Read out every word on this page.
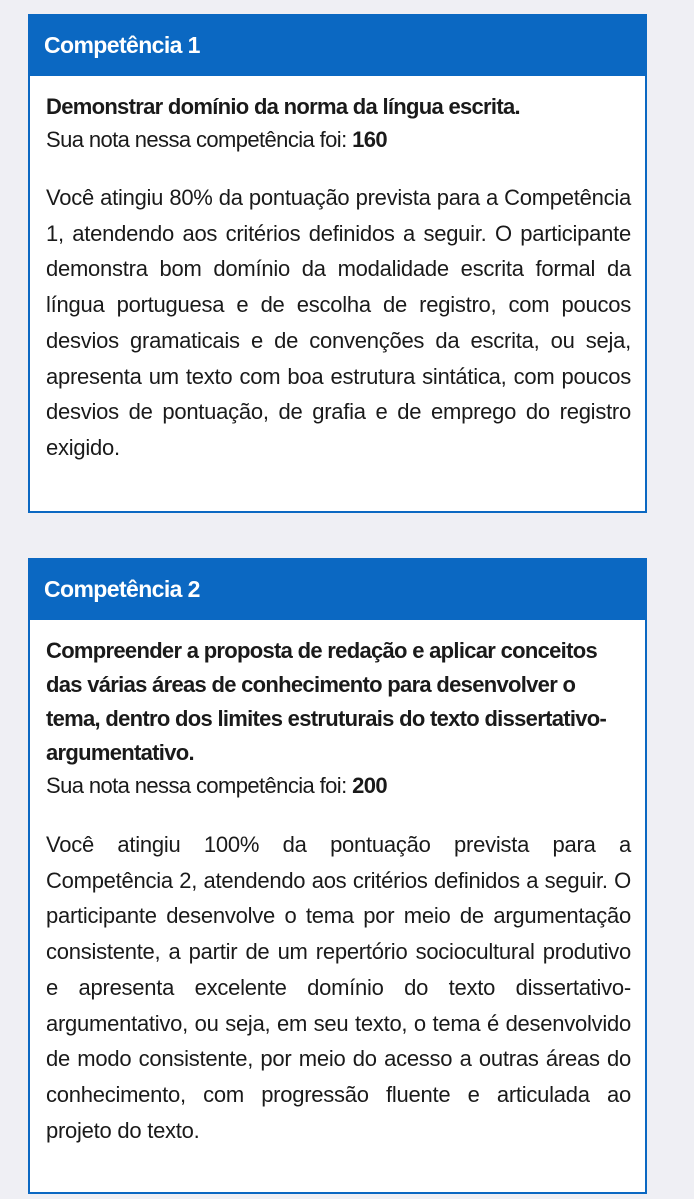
Competência 1

Demonstrar domínio da norma da língua escrita.

Sua nota nessa competência foi: 160

Você atingiu 80% da pontuação prevista para a Competência 1, atendendo aos critérios definidos a seguir. O participante demonstra bom domínio da modalidade escrita formal da língua portuguesa e de escolha de registro, com poucos desvios gramaticais e de convenções da escrita, ou seja, apresenta um texto com boa estrutura sintática, com poucos desvios de pontuação, de grafia e de emprego do registro exigido.

Competência 2

Compreender a proposta de redação e aplicar conceitos das várias áreas de conhecimento para desenvolver o tema, dentro dos limites estruturais do texto dissertativo-argumentativo.

Sua nota nessa competência foi: 200

Você atingiu 100% da pontuação prevista para a Competência 2, atendendo aos critérios definidos a seguir. O participante desenvolve o tema por meio de argumentação consistente, a partir de um repertório sociocultural produtivo e apresenta excelente domínio do texto dissertativo-argumentativo, ou seja, em seu texto, o tema é desenvolvido de modo consistente, por meio do acesso a outras áreas do conhecimento, com progressão fluente e articulada ao projeto do texto.
